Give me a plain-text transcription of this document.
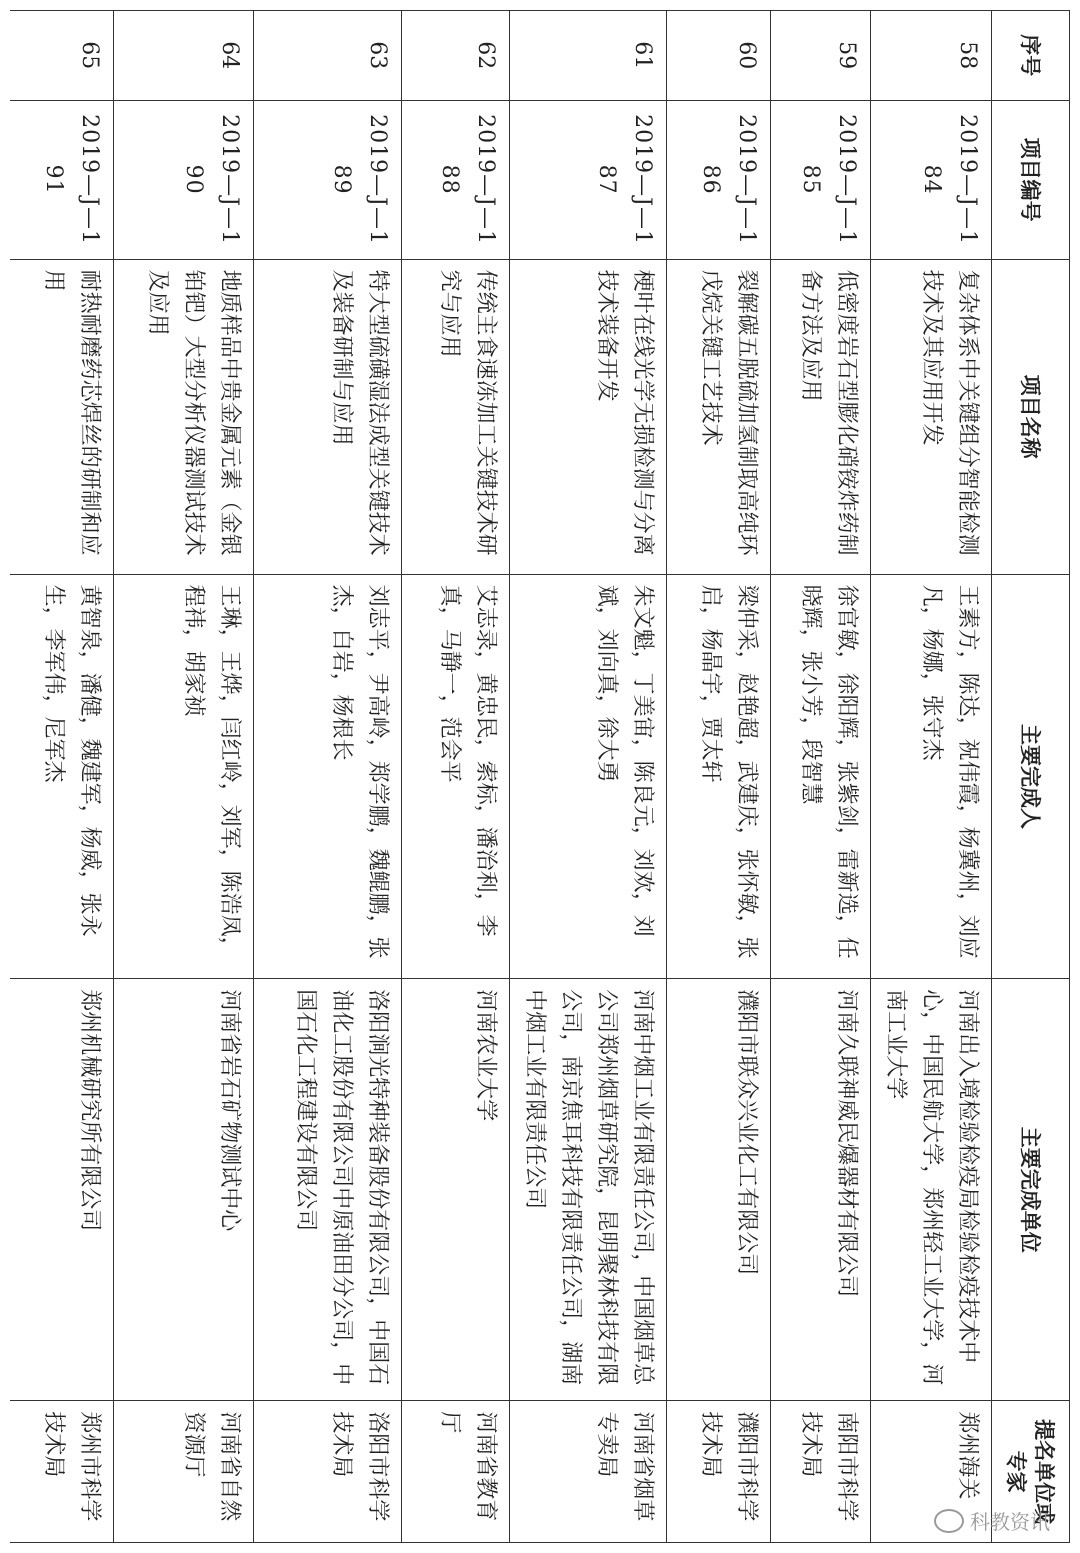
序号	项目编号	项目名称	主要完成人	主要完成单位	提名单位或专家
58	2019—J—184	复杂体系中关键组分智能检测技术及其应用开发	王素方，陈达，祝伟霞，杨冀州，刘应凡，杨娜，张守杰	河南出入境检验检疫局检验检疫技术中心，中国民航大学，郑州轻工业大学，河南工业大学	郑州海关
59	2019—J—185	低密度岩石型膨化硝铵炸药制备方法及应用	徐官敏，徐阳辉，张紫剑，雷新选，任晓辉，张小芳，段智慧	河南久联神威民爆器材有限公司	南阳市科学技术局
60	2019—J—186	裂解碳五脱硫加氢制取高纯环戊烷关键工艺技术	梁仲采，赵艳超，武建庆，张怀敏，张启，杨晶宇，贾太轩	濮阳市联众兴业化工有限公司	濮阳市科学技术局
61	2019—J—187	梗叶在线光学无损检测与分离技术装备开发	朱文魁，丁美宙，陈良元，刘欢，刘斌，刘向真，徐大勇	河南中烟工业有限责任公司，中国烟草总公司郑州烟草研究院，昆明聚林科技有限公司，南京焦耳科技有限责任公司，湖南中烟工业有限责任公司	河南省烟草专卖局
62	2019—J—188	传统主食速冻加工关键技术研究与应用	艾志录，黄忠民，索标，潘治利，李真，马静一，范会平	河南农业大学	河南省教育厅
63	2019—J—189	特大型硫磺湿法成型关键技术及装备研制与应用	刘志平，尹高岭，郑学鹏，魏鲲鹏，张杰，白岩，杨根长	洛阳涧光特种装备股份有限公司，中国石油化工股份有限公司中原油田分公司，中国石化工程建设有限公司	洛阳市科学技术局
64	2019—J—190	地质样品中贵金属元素（金银铂钯）大型分析仪器测试技术及应用	王琳，王烨，闫红岭，刘军，陈浩凤，程祎，胡家祯	河南省岩石矿物测试中心	河南省自然资源厅
65	2019—J—191	耐热耐磨药芯焊丝的研制和应用	黄智泉，潘健，魏建军，杨威，张永生，李军伟，尼军杰	郑州机械研究所有限公司	郑州市科学技术局
科教资讯
